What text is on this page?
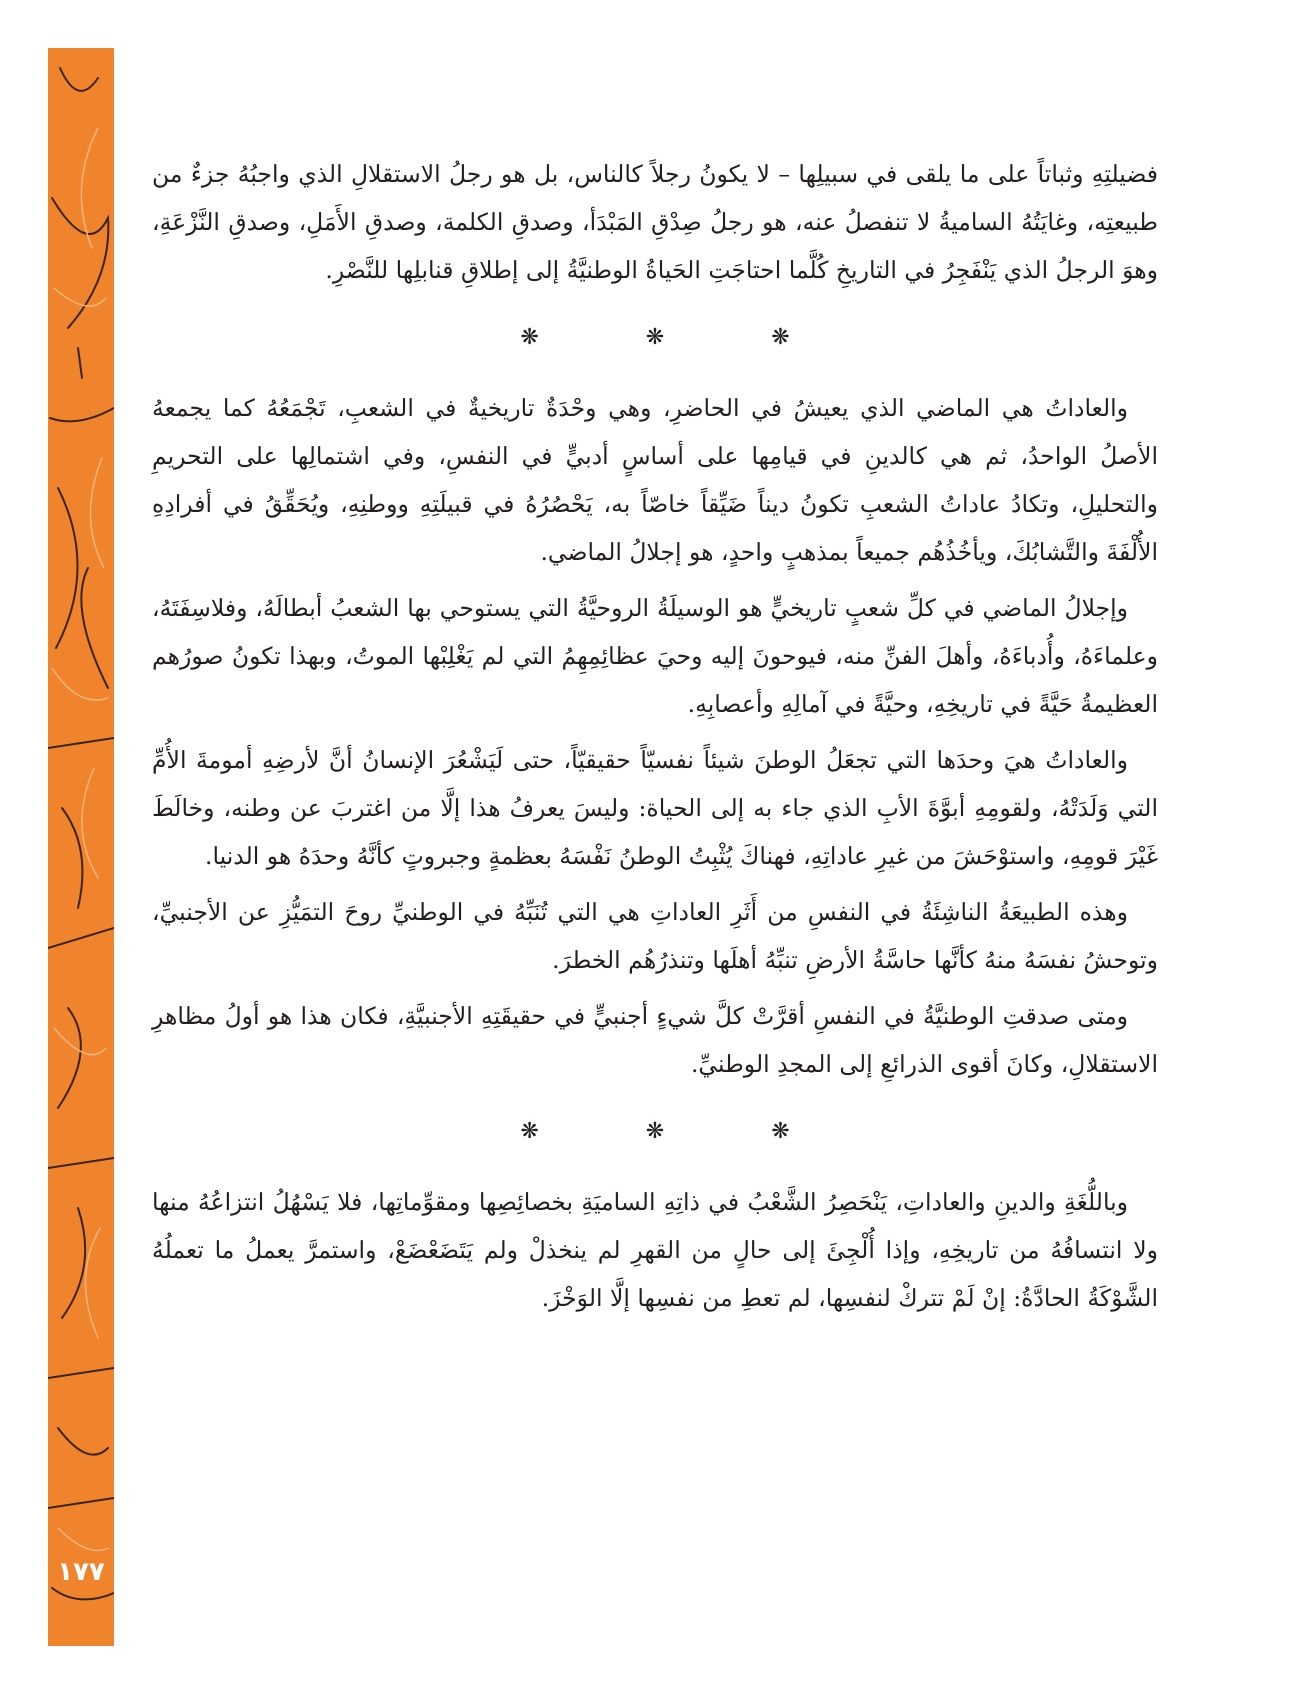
١٧٧

فضيلتِهِ وثباتاً على ما يلقى في سبيلِها – لا يكونُ رجلاً كالناس، بل هو رجلُ الاستقلالِ الذي واجبُهُ جزءٌ من طبيعتِه، وغايَتُهُ الساميةُ لا تنفصلُ عنه، هو رجلُ صِدْقِ المَبْدَأ، وصدقِ الكلمة، وصدقِ الأَمَلِ، وصدقِ النَّزْعَةِ، وهوَ الرجلُ الذي يَنْفَجِرُ في التاريخِ كُلَّما احتاجَتِ الحَياةُ الوطنيَّةُ إلى إطلاقِ قنابلِها للنَّصْرِ.

❋ ❋ ❋

والعاداتُ هي الماضي الذي يعيشُ في الحاضرِ، وهي وحْدَةٌ تاريخيةٌ في الشعبِ، تَجْمَعُهُ كما يجمعهُ الأصلُ الواحدُ، ثم هي كالدينِ في قيامِها على أساسٍ أدبيٍّ في النفسِ، وفي اشتمالِها على التحريمِ والتحليلِ، وتكادُ عاداتُ الشعبِ تكونُ ديناً ضَيِّقاً خاصّاً به، يَحْصُرُهُ في قبيلَتِهِ ووطنِهِ، ويُحَقِّقُ في أفرادِهِ الأُلْفَةَ والتَّشابُكَ، ويأخُذُهُم جميعاً بمذهبٍ واحدٍ، هو إجلالُ الماضي.

وإجلالُ الماضي في كلِّ شعبٍ تاريخيٍّ هو الوسيلَةُ الروحيَّةُ التي يستوحي بها الشعبُ أبطالَهُ، وفلاسِفَتَهُ، وعلماءَهُ، وأُدباءَهُ، وأهلَ الفنِّ منه، فيوحونَ إليه وحيَ عظائِمِهِمُ التي لم يَغْلِبْها الموتُ، وبهذا تكونُ صورُهم العظيمةُ حَيَّةً في تاريخِهِ، وحيَّةً في آمالِهِ وأعصابِهِ.

والعاداتُ هيَ وحدَها التي تجعَلُ الوطنَ شيئاً نفسيّاً حقيقيّاً، حتى لَيَشْعُرَ الإنسانُ أنَّ لأرضِهِ أمومةَ الأُمِّ التي وَلَدَتْهُ، ولقومِهِ أبوَّةَ الأبِ الذي جاء به إلى الحياة: وليسَ يعرفُ هذا إلَّا من اغتربَ عن وطنه، وخالَطَ غَيْرَ قومِهِ، واستوْحَشَ من غيرِ عاداتِهِ، فهناكَ يُثْبِتُ الوطنُ نَفْسَهُ بعظمةٍ وجبروتٍ كأنَّهُ وحدَهُ هو الدنيا.

وهذه الطبيعَةُ الناشِئَةُ في النفسِ من أَثَرِ العاداتِ هي التي تُنَبِّهُ في الوطنيِّ روحَ التمَيُّزِ عن الأجنبيِّ، وتوحشُ نفسَهُ منهُ كأنَّها حاسَّةُ الأرضِ تنبِّهُ أهلَها وتنذرُهُم الخطرَ.

ومتى صدقتِ الوطنيَّةُ في النفسِ أقرَّتْ كلَّ شيءٍ أجنبيٍّ في حقيقَتِهِ الأجنبيَّةِ، فكان هذا هو أولُ مظاهرِ الاستقلالِ، وكانَ أقوى الذرائعِ إلى المجدِ الوطنيِّ.

❋ ❋ ❋

وباللُّغَةِ والدينِ والعاداتِ، يَنْحَصِرُ الشَّعْبُ في ذاتِهِ الساميَةِ بخصائِصِها ومقوِّماتِها، فلا يَسْهُلُ انتزاعُهُ منها ولا انتسافُهُ من تاريخِهِ، وإذا أُلْجِئَ إلى حالٍ من القهرِ لم ينخذلْ ولم يَتَضَعْضَعْ، واستمرَّ يعملُ ما تعملُهُ الشَّوْكَةُ الحادَّةُ: إنْ لَمْ تتركْ لنفسِها، لم تعطِ من نفسِها إلَّا الوَخْزَ.
